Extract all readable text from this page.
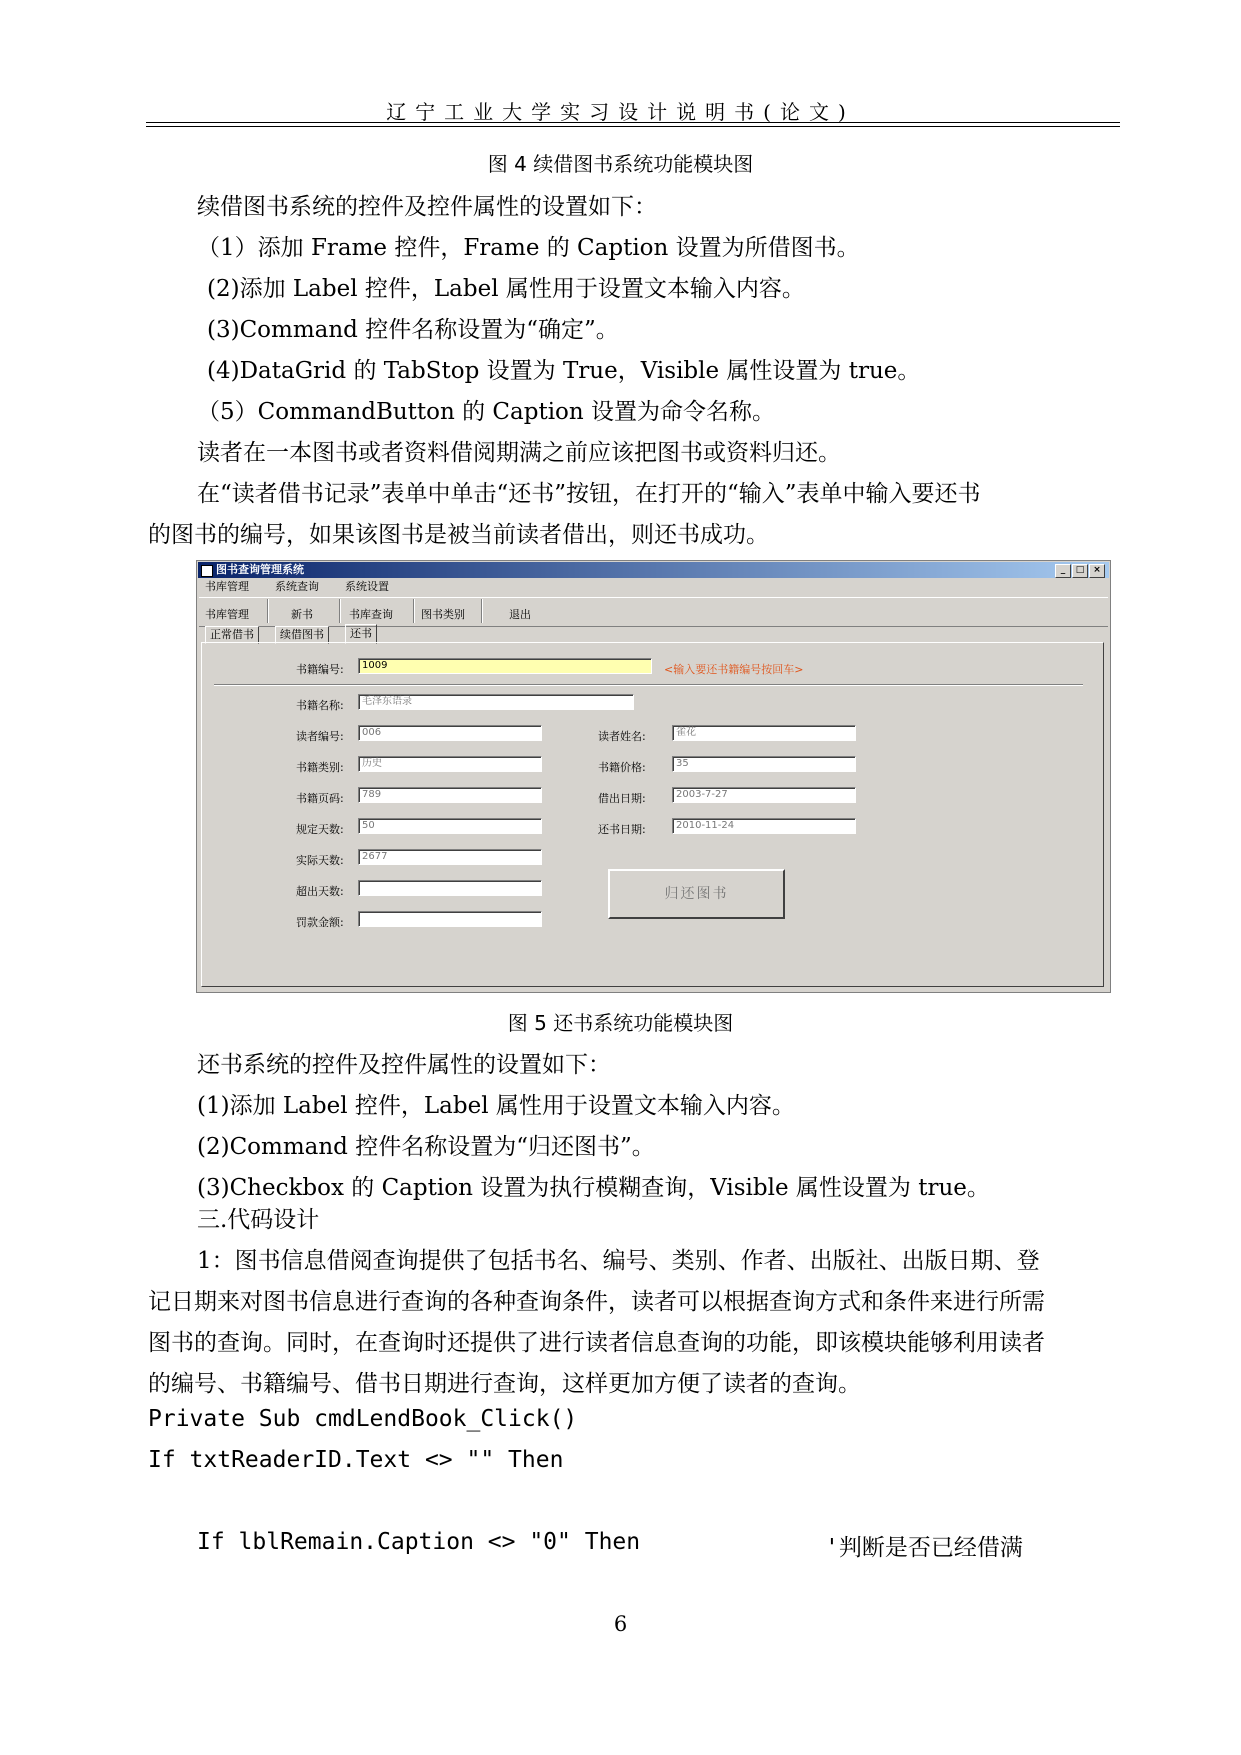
辽宁工业大学实习设计说明书(论文)
图 4 续借图书系统功能模块图
续借图书系统的控件及控件属性的设置如下：
（1）添加 Frame 控件，Frame 的 Caption 设置为所借图书。
(2)添加 Label 控件，Label 属性用于设置文本输入内容。
(3)Command 控件名称设置为“确定”。
(4)DataGrid 的 TabStop 设置为 True，Visible 属性设置为 true。
（5）CommandButton 的 Caption 设置为命令名称。
读者在一本图书或者资料借阅期满之前应该把图书或资料归还。
在“读者借书记录”表单中单击“还书”按钮，在打开的“输入”表单中输入要还书
的图书的编号，如果该图书是被当前读者借出，则还书成功。
图书查询管理系统	_	□ ×
书库管理 系统查询 系统设置
书库管理	新书	书库查询	图书类别	退出
正常借书	续借图书	还书
书籍编号:	1009	<输入要还书籍编号按回车>
书籍名称:	毛泽东语录
读者编号:	006	读者姓名:	雀花
书籍类别:	历史	书籍价格:	35
书籍页码:	789	借出日期:	2003-7-27
规定天数:	50	还书日期:	2010-11-24
实际天数:	2677
超出天数:
罚款金额:
归还图书
图 5 还书系统功能模块图
还书系统的控件及控件属性的设置如下：
(1)添加 Label 控件，Label 属性用于设置文本输入内容。
(2)Command 控件名称设置为“归还图书”。
(3)Checkbox 的 Caption 设置为执行模糊查询，Visible 属性设置为 true。
三.代码设计
1：图书信息借阅查询提供了包括书名、编号、类别、作者、出版社、出版日期、登
记日期来对图书信息进行查询的各种查询条件，读者可以根据查询方式和条件来进行所需
图书的查询。同时，在查询时还提供了进行读者信息查询的功能，即该模块能够利用读者
的编号、书籍编号、借书日期进行查询，这样更加方便了读者的查询。
Private Sub cmdLendBook_Click()
If txtReaderID.Text <> "" Then
If lblRemain.Caption <> "0" Then	'判断是否已经借满
6
